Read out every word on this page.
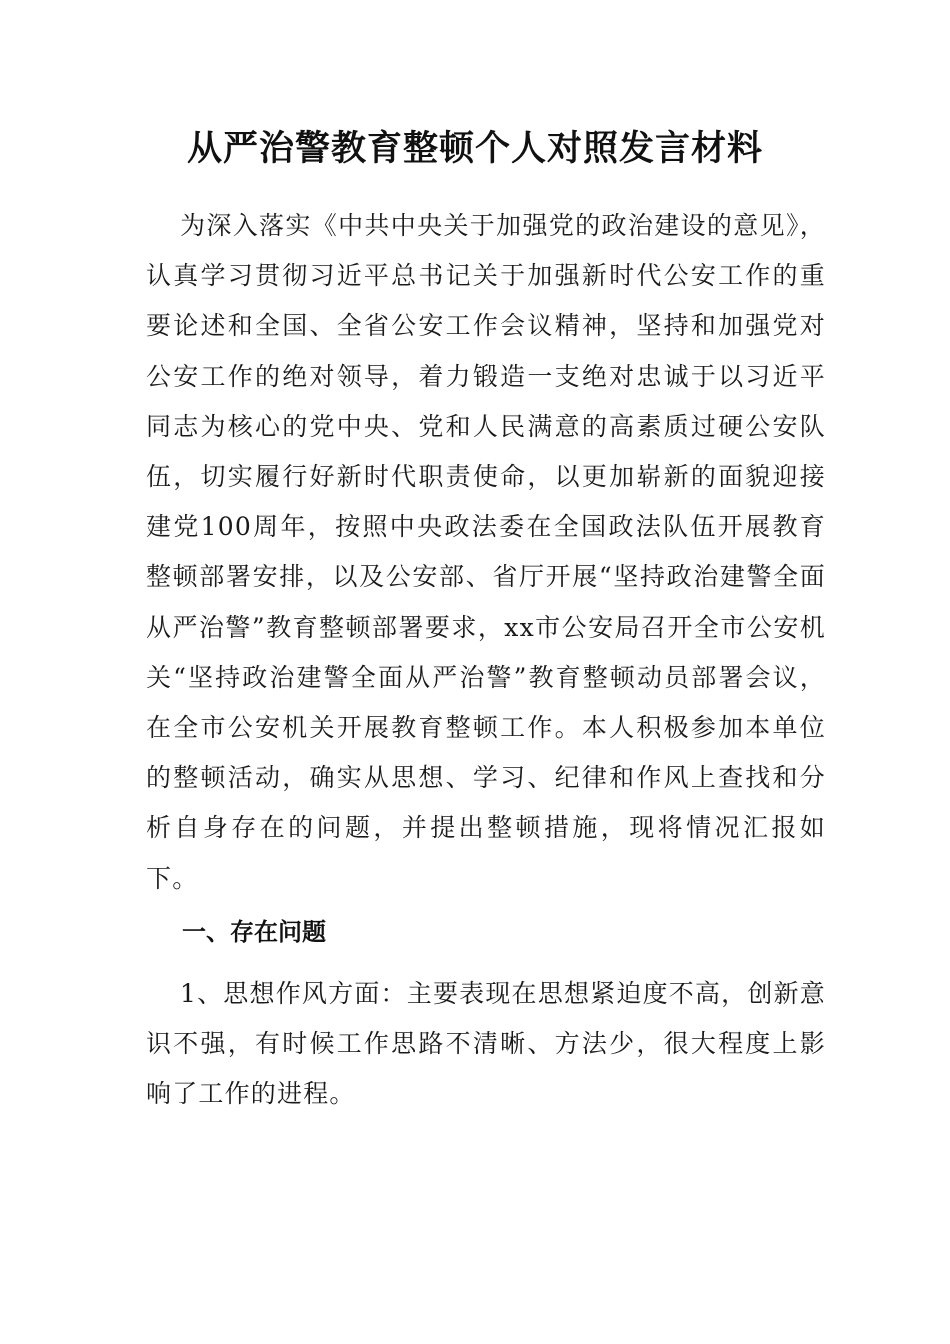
从严治警教育整顿个人对照发言材料

为深入落实《中共中央关于加强党的政治建设的意见》，认真学习贯彻习近平总书记关于加强新时代公安工作的重要论述和全国、全省公安工作会议精神，坚持和加强党对公安工作的绝对领导，着力锻造一支绝对忠诚于以习近平同志为核心的党中央、党和人民满意的高素质过硬公安队伍，切实履行好新时代职责使命，以更加崭新的面貌迎接建党100周年，按照中央政法委在全国政法队伍开展教育整顿部署安排，以及公安部、省厅开展“坚持政治建警全面从严治警”教育整顿部署要求，xx市公安局召开全市公安机关“坚持政治建警全面从严治警”教育整顿动员部署会议，在全市公安机关开展教育整顿工作。本人积极参加本单位的整顿活动，确实从思想、学习、纪律和作风上查找和分析自身存在的问题，并提出整顿措施，现将情况汇报如下。

一、存在问题

1、思想作风方面：主要表现在思想紧迫度不高，创新意识不强，有时候工作思路不清晰、方法少，很大程度上影响了工作的进程。
